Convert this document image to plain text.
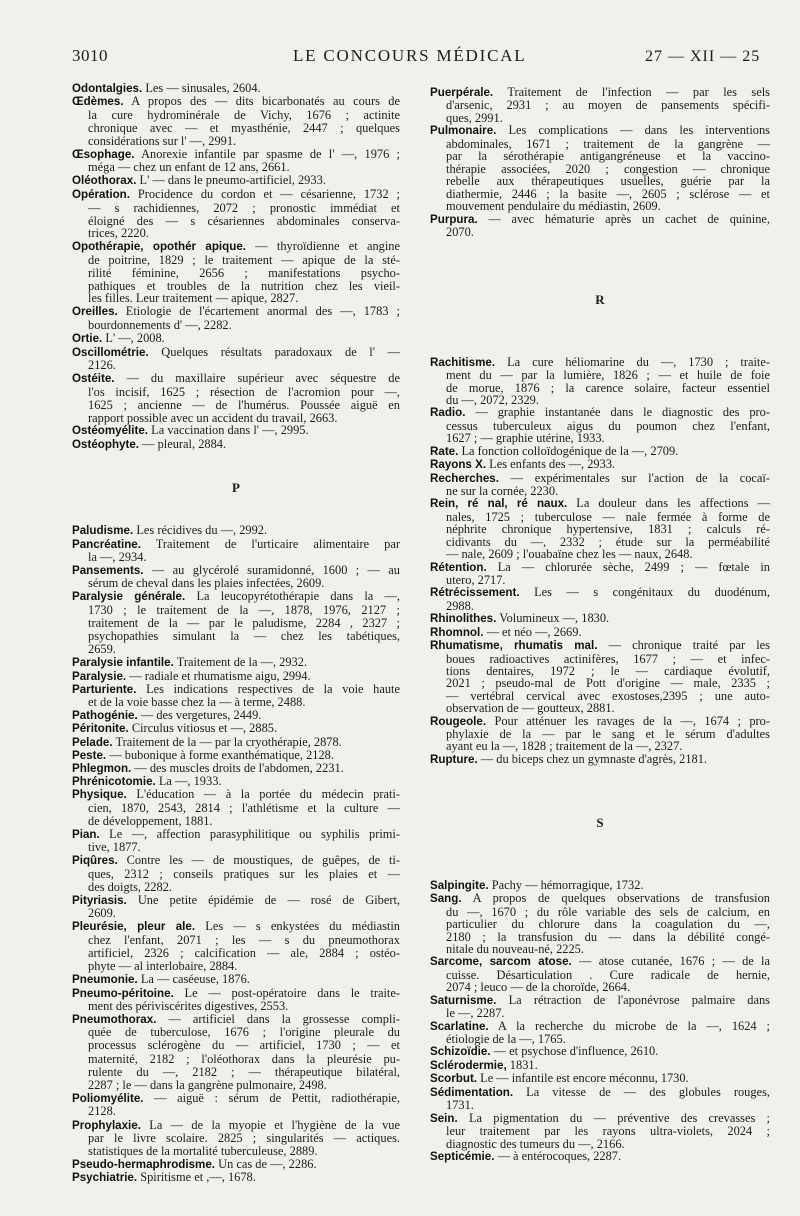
3010	LE CONCOURS MÉDICAL	27 — XII — 25
Odontalgies. Les — sinusales, 2604.
Œdèmes. A propos des — dits bicarbonatés au cours de
la cure hydrominérale de Vichy, 1676 ; actinite
chronique avec — et myasthénie, 2447 ; quelques
considérations sur l' —, 2991.
Œsophage. Anorexie infantile par spasme de l' —, 1976 ;
méga — chez un enfant de 12 ans, 2661.
Oléothorax. L' — dans le pneumo-artificiel, 2933.
Opération. Procidence du cordon et — césarienne, 1732 ;
— s rachidiennes, 2072 ; pronostic immédiat et
éloigné des — s césariennes abdominales conserva-
trices, 2220.
Opothérapie, opothér apique. — thyroïdienne et angine
de poitrine, 1829 ; le traitement — apique de la sté-
rilité féminine, 2656 ; manifestations psycho-
pathiques et troubles de la nutrition chez les vieil-
les filles. Leur traitement — apique, 2827.
Oreilles. Etiologie de l'écartement anormal des —, 1783 ;
bourdonnements d' —, 2282.
Ortie. L' —, 2008.
Oscillométrie. Quelques résultats paradoxaux de l' —
2126.
Ostéite. — du maxillaire supérieur avec séquestre de
l'os incisif, 1625 ; résection de l'acromion pour —,
1625 ; ancienne — de l'humérus. Poussée aiguë en
rapport possible avec un accident du travail, 2663.
Ostéomyélite. La vaccination dans l' —, 2995.
Ostéophyte. — pleural, 2884.
P
Paludisme. Les récidives du —, 2992.
Pancréatine. Traitement de l'urticaire alimentaire par
la —, 2934.
Pansements. — au glycérolé suramidonné, 1600 ; — au
sérum de cheval dans les plaies infectées, 2609.
Paralysie générale. La leucopyrétothérapie dans la —,
1730 ; le traitement de la —, 1878, 1976, 2127 ;
traitement de la — par le paludisme, 2284 , 2327 ;
psychopathies simulant la — chez les tabétiques,
2659.
Paralysie infantile. Traitement de la —, 2932.
Paralysie. — radiale et rhumatisme aigu, 2994.
Parturiente. Les indications respectives de la voie haute
et de la voie basse chez la — à terme, 2488.
Pathogénie. — des vergetures, 2449.
Péritonite. Circulus vitiosus et —, 2885.
Pelade. Traitement de la — par la cryothérapie, 2878.
Peste. — bubonique à forme exanthématique, 2128.
Phlegmon. — des muscles droits de l'abdomen, 2231.
Phrénicotomie. La —, 1933.
Physique. L'éducation — à la portée du médecin prati-
cien, 1870, 2543, 2814 ; l'athlétisme et la culture —
de développement, 1881.
Pian. Le —, affection parasyphilitique ou syphilis primi-
tive, 1877.
Piqûres. Contre les — de moustiques, de guêpes, de ti-
ques, 2312 ; conseils pratiques sur les plaies et —
des doigts, 2282.
Pityriasis. Une petite épidémie de — rosé de Gibert,
2609.
Pleurésie, pleur ale. Les — s enkystées du médiastin
chez l'enfant, 2071 ; les — s du pneumothorax
artificiel, 2326 ; calcification — ale, 2884 ; ostéo-
phyte — al interlobaire, 2884.
Pneumonie. La — caséeuse, 1876.
Pneumo-péritoine. Le — post-opératoire dans le traite-
ment des périviscérites digestives, 2553.
Pneumothorax. — artificiel dans la grossesse compli-
quée de tuberculose, 1676 ; l'origine pleurale du
processus sclérogène du — artificiel, 1730 ; — et
maternité, 2182 ; l'oléothorax dans la pleurésie pu-
rulente du —, 2182 ; — thérapeutique bilatéral,
2287 ; le — dans la gangrène pulmonaire, 2498.
Poliomyélite. — aiguë : sérum de Pettit, radiothérapie,
2128.
Prophylaxie. La — de la myopie et l'hygiène de la vue
par le livre scolaire. 2825 ; singularités — actiques.
statistiques de la mortalité tuberculeuse, 2889.
Pseudo-hermaphrodisme. Un cas de —, 2286.
Psychiatrie. Spiritisme et ,—, 1678.
Puerpérale. Traitement de l'infection — par les sels
d'arsenic, 2931 ; au moyen de pansements spécifi-
ques, 2991.
Pulmonaire. Les complications — dans les interventions
abdominales, 1671 ; traitement de la gangrène —
par la sérothérapie antigangréneuse et la vaccino-
thérapie associées, 2020 ; congestion — chronique
rebelle aux thérapeutiques usuelles, guérie par la
diathermie, 2446 ; la basite —, 2605 ; sclérose — et
mouvement pendulaire du médiastin, 2609.
Purpura. — avec hématurie après un cachet de quinine,
2070.
R
Rachitisme. La cure héliomarine du —, 1730 ; traite-
ment du — par la lumière, 1826 ; — et huile de foie
de morue, 1876 ; la carence solaire, facteur essentiel
du —, 2072, 2329.
Radio. — graphie instantanée dans le diagnostic des pro-
cessus tuberculeux aigus du poumon chez l'enfant,
1627 ; — graphie utérine, 1933.
Rate. La fonction colloïdogénique de la —, 2709.
Rayons X. Les enfants des —, 2933.
Recherches. — expérimentales sur l'action de la cocaï-
ne sur la cornée, 2230.
Rein, ré nal, ré naux. La douleur dans les affections —
nales, 1725 ; tuberculose — nale fermée à forme de
néphrite chronique hypertensive, 1831 ; calculs ré-
cidivants du —, 2332 ; étude sur la perméabilité
— nale, 2609 ; l'ouabaïne chez les — naux, 2648.
Rétention. La — chlorurée sèche, 2499 ; — fœtale in
utero, 2717.
Rétrécissement. Les — s congénitaux du duodénum,
2988.
Rhinolithes. Volumineux —, 1830.
Rhomnol. — et néo —, 2669.
Rhumatisme, rhumatis mal. — chronique traité par les
boues radioactives actinifères, 1677 ; — et infec-
tions dentaires, 1972 ; le — cardiaque évolutif,
2021 ; pseudo-mal de Pott d'origine — male, 2335 ;
— vertébral cervical avec exostoses,2395 ; une auto-
observation de — goutteux, 2881.
Rougeole. Pour atténuer les ravages de la —, 1674 ; pro-
phylaxie de la — par le sang et le sérum d'adultes
ayant eu la —, 1828 ; traitement de la —, 2327.
Rupture. — du biceps chez un gymnaste d'agrès, 2181.
S
Salpingite. Pachy — hémorragique, 1732.
Sang. A propos de quelques observations de transfusion
du —, 1670 ; du rôle variable des sels de calcium, en
particulier du chlorure dans la coagulation du —,
2180 ; la transfusion du — dans la débilité congé-
nitale du nouveau-né, 2225.
Sarcome, sarcom atose. — atose cutanée, 1676 ; — de la
cuisse. Désarticulation . Cure radicale de hernie,
2074 ; leuco — de la choroïde, 2664.
Saturnisme. La rétraction de l'aponévrose palmaire dans
le —, 2287.
Scarlatine. A la recherche du microbe de la —, 1624 ;
étiologie de la —, 1765.
Schizoïdie. — et psychose d'influence, 2610.
Sclérodermie, 1831.
Scorbut. Le — infantile est encore méconnu, 1730.
Sédimentation. La vitesse de — des globules rouges,
1731.
Sein. La pigmentation du — préventive des crevasses ;
leur traitement par les rayons ultra-violets, 2024 ;
diagnostic des tumeurs du —, 2166.
Septicémie. — à entérocoques, 2287.
